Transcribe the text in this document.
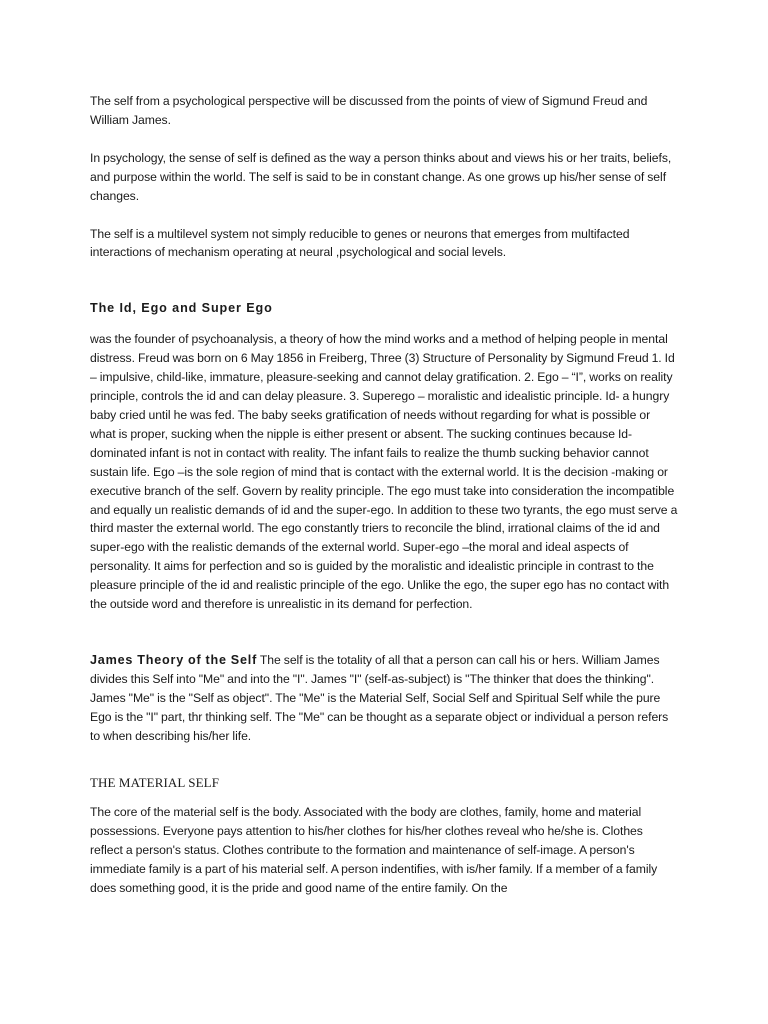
The self from a psychological perspective will be discussed from the points of view of Sigmund Freud and William James.

In psychology, the sense of self is defined as the way a person thinks about and views his or her traits, beliefs, and purpose within the world. The self is said to be in constant change. As one grows up his/her sense of self changes.

The self is a multilevel system not simply reducible to genes or neurons that emerges from multifacted interactions of mechanism operating at neural ,psychological and social levels.

The Id, Ego and Super Ego

was the founder of psychoanalysis, a theory of how the mind works and a method of helping people in mental distress. Freud was born on 6 May 1856 in Freiberg, Three (3) Structure of Personality by Sigmund Freud 1. Id – impulsive, child-like, immature, pleasure-seeking and cannot delay gratification. 2. Ego – “I”, works on reality principle, controls the id and can delay pleasure. 3. Superego – moralistic and idealistic principle. Id- a hungry baby cried until he was fed. The baby seeks gratification of needs without regarding for what is possible or what is proper, sucking when the nipple is either present or absent. The sucking continues because Id-dominated infant is not in contact with reality. The infant fails to realize the thumb sucking behavior cannot sustain life. Ego –is the sole region of mind that is contact with the external world. It is the decision -making or executive branch of the self. Govern by reality principle. The ego must take into consideration the incompatible and equally un realistic demands of id and the super-ego. In addition to these two tyrants, the ego must serve a third master the external world. The ego constantly triers to reconcile the blind, irrational claims of the id and super-ego with the realistic demands of the external world. Super-ego –the moral and ideal aspects of personality. It aims for perfection and so is guided by the moralistic and idealistic principle in contrast to the pleasure principle of the id and realistic principle of the ego. Unlike the ego, the super ego has no contact with the outside word and therefore is unrealistic in its demand for perfection.

James Theory of the Self The self is the totality of all that a person can call his or hers. William James divides this Self into "Me" and into the "I". James "I" (self-as-subject) is "The thinker that does the thinking". James "Me" is the "Self as object". The "Me" is the Material Self, Social Self and Spiritual Self while the pure Ego is the "I" part, thr thinking self. The "Me" can be thought as a separate object or individual a person refers to when describing his/her life.

THE MATERIAL SELF

The core of the material self is the body. Associated with the body are clothes, family, home and material possessions. Everyone pays attention to his/her clothes for his/her clothes reveal who he/she is. Clothes reflect a person's status. Clothes contribute to the formation and maintenance of self-image. A person's immediate family is a part of his material self. A person indentifies, with is/her family. If a member of a family does something good, it is the pride and good name of the entire family. On the
